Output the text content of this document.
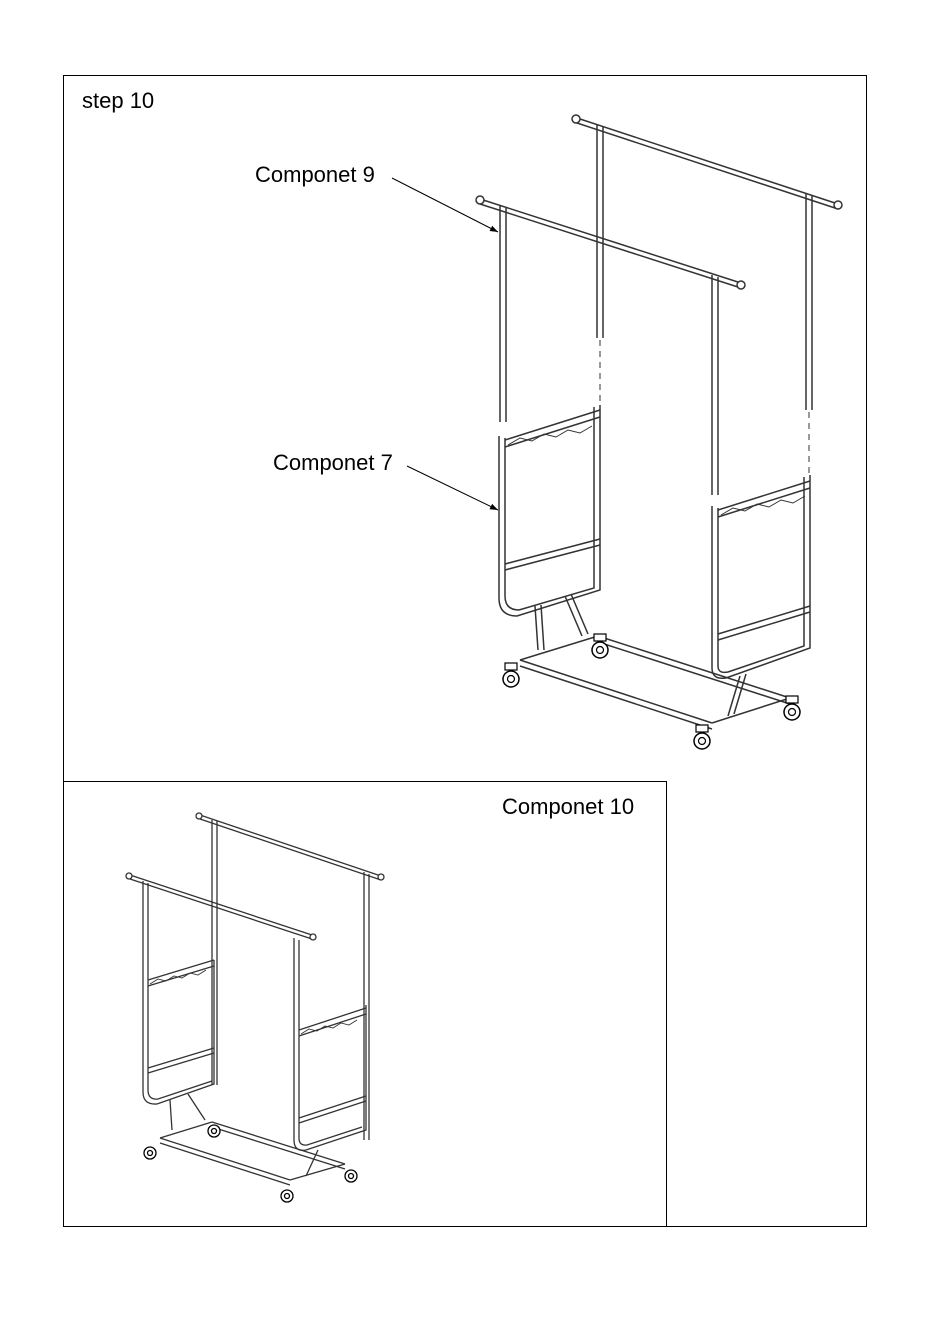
step 10
Componet 9
Componet 7
Componet 10
